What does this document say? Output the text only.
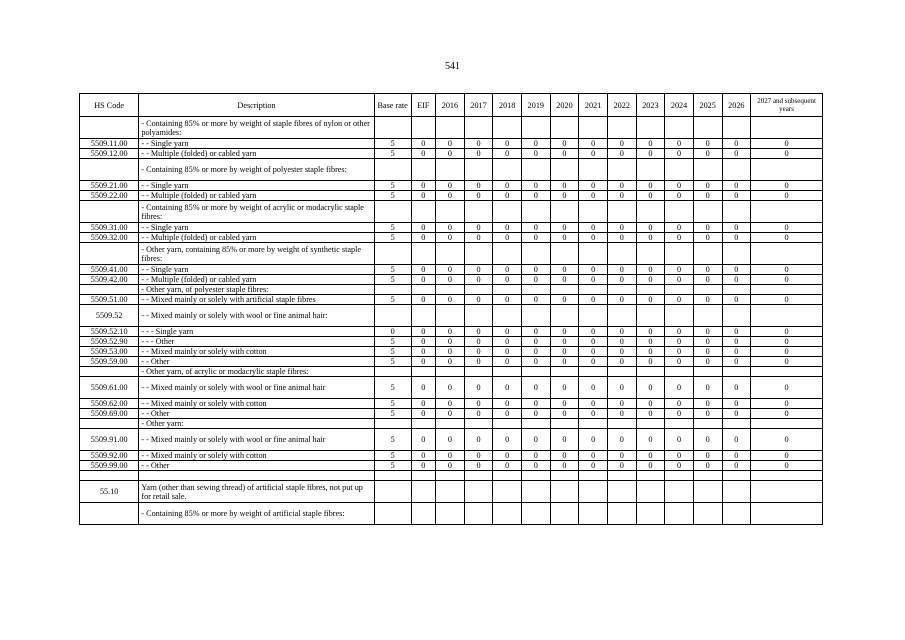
541
HS Code	Description	Base rate	EIF	2016	2017	2018	2019	2020	2021	2022	2023	2024	2025	2026	2027 and subsequent years
	- Containing 85% or more by weight of staple fibres of nylon or other polyamides:														
5509.11.00	- - Single yarn	5	0	0	0	0	0	0	0	0	0	0	0	0	0
5509.12.00	- - Multiple (folded) or cabled yarn	5	0	0	0	0	0	0	0	0	0	0	0	0	0
	- Containing 85% or more by weight of polyester staple fibres:														
5509.21.00	- - Single yarn	5	0	0	0	0	0	0	0	0	0	0	0	0	0
5509.22.00	- - Multiple (folded) or cabled yarn	5	0	0	0	0	0	0	0	0	0	0	0	0	0
	- Containing 85% or more by weight of acrylic or modacrylic staple fibres:														
5509.31.00	- - Single yarn	5	0	0	0	0	0	0	0	0	0	0	0	0	0
5509.32.00	- - Multiple (folded) or cabled yarn	5	0	0	0	0	0	0	0	0	0	0	0	0	0
	- Other yarn, containing 85% or more by weight of synthetic staple fibres:														
5509.41.00	- - Single yarn	5	0	0	0	0	0	0	0	0	0	0	0	0	0
5509.42.00	- - Multiple (folded) or cabled yarn	5	0	0	0	0	0	0	0	0	0	0	0	0	0
	- Other yarn, of polyester staple fibres:														
5509.51.00	- - Mixed mainly or solely with artificial staple fibres	5	0	0	0	0	0	0	0	0	0	0	0	0	0
5509.52	- - Mixed mainly or solely with wool or fine animal hair:														
5509.52.10	- - - Single yarn	0	0	0	0	0	0	0	0	0	0	0	0	0	0
5509.52.90	- - - Other	5	0	0	0	0	0	0	0	0	0	0	0	0	0
5509.53.00	- - Mixed mainly or solely with cotton	5	0	0	0	0	0	0	0	0	0	0	0	0	0
5509.59.00	- - Other	5	0	0	0	0	0	0	0	0	0	0	0	0	0
	- Other yarn, of acrylic or modacrylic staple fibres:														
5509.61.00	- - Mixed mainly or solely with wool or fine animal hair	5	0	0	0	0	0	0	0	0	0	0	0	0	0
5509.62.00	- - Mixed mainly or solely with cotton	5	0	0	0	0	0	0	0	0	0	0	0	0	0
5509.69.00	- - Other	5	0	0	0	0	0	0	0	0	0	0	0	0	0
	- Other yarn:														
5509.91.00	- - Mixed mainly or solely with wool or fine animal hair	5	0	0	0	0	0	0	0	0	0	0	0	0	0
5509.92.00	- - Mixed mainly or solely with cotton	5	0	0	0	0	0	0	0	0	0	0	0	0	0
5509.99.00	- - Other	5	0	0	0	0	0	0	0	0	0	0	0	0	0

55.10	Yarn (other than sewing thread) of artificial staple fibres, not put up for retail sale.														
	- Containing 85% or more by weight of artificial staple fibres:														
